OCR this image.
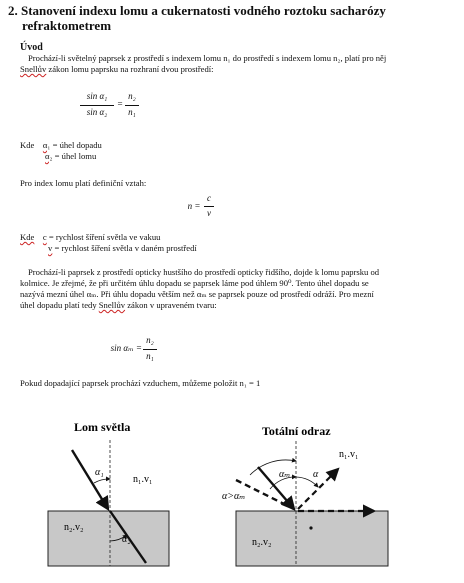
2. Stanovení indexu lomu a cukernatosti vodného roztoku sacharózy
refraktometrem
Úvod
Prochází-li světelný paprsek z prostředí s indexem lomu n₁ do prostředí s indexem lomu n₂, platí pro něj
Snellův zákon lomu paprsku na rozhraní dvou prostředí:
sin α₁
sin α₂
=
n₂
n₁
Kde α₁ = úhel dopadu
α₂ = úhel lomu
Pro index lomu platí definiční vztah:
n =
c
v
Kde c = rychlost šíření světla ve vakuu
v = rychlost šíření světla v daném prostředí
Prochází-li paprsek z prostředí opticky hustšího do prostředí opticky řidšího, dojde k lomu paprsku od
kolmice. Je zřejmé, že při určitém úhlu dopadu se paprsek láme pod úhlem 90⁰. Tento úhel dopadu se
nazývá mezní úhel αₘ. Při úhlu dopadu větším než αₘ se paprsek pouze od prostředí odráží. Pro mezní
úhel dopadu platí tedy Snellův zákon v upraveném tvaru:
sin αₘ =
n₂
n₁
Pokud dopadající paprsek prochází vzduchem, můžeme položit n₁ = 1
Lom světla
α₁
α₂
n₁.v₁
n₂.v₂
Totální odraz
αₘ α
α>αₘ
n₁.v₁
n₂.v₂
